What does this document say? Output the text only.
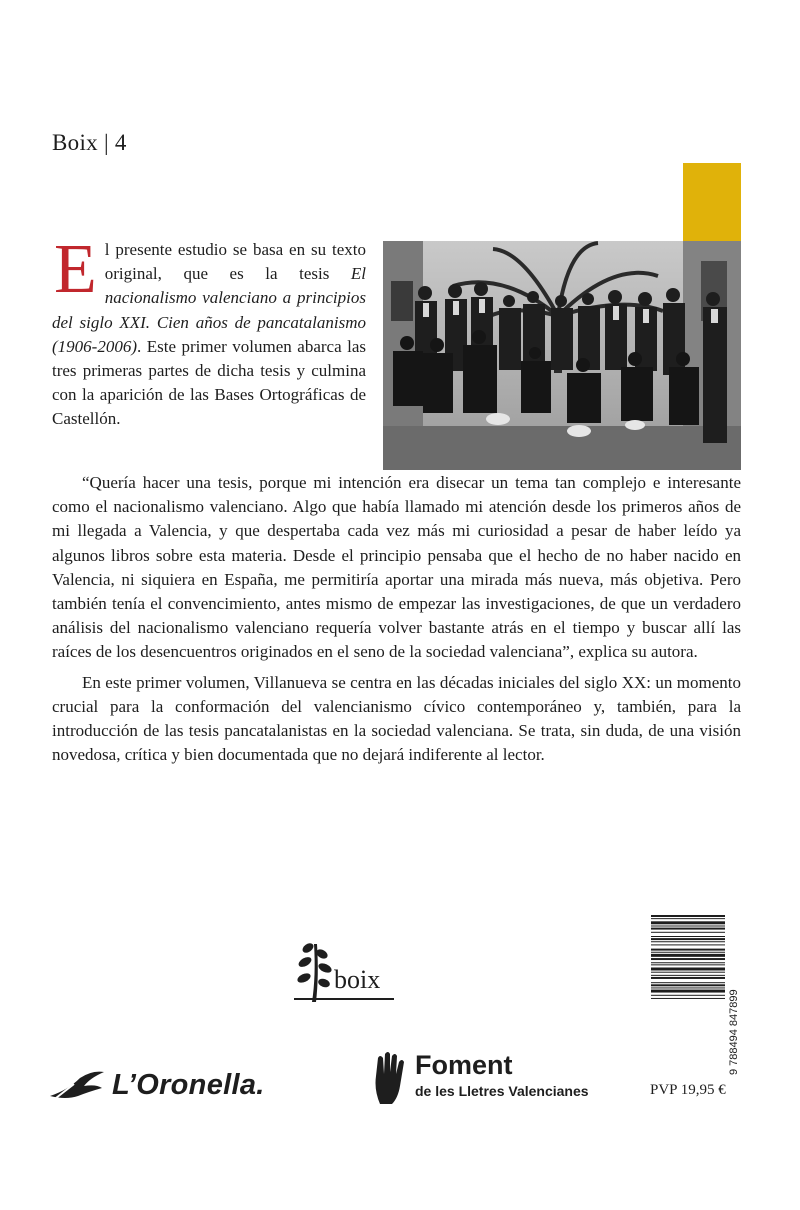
Boix | 4
E l presente estudio se basa en su texto original, que es la tesis El nacionalismo valenciano a principios del siglo XXI. Cien años de pancatalanismo (1906-2006). Este primer volumen abarca las tres primeras partes de dicha tesis y culmina con la aparición de las Bases Ortográficas de Castellón.

“Quería hacer una tesis, porque mi intención era disecar un tema tan complejo e interesante como el nacionalismo valenciano. Algo que había llamado mi atención desde los primeros años de mi llegada a Valencia, y que despertaba cada vez más mi curiosidad a pesar de haber leído ya algunos libros sobre esta materia. Desde el principio pensaba que el hecho de no haber nacido en Valencia, ni siquiera en España, me permitiría aportar una mirada más nueva, más objetiva. Pero también tenía el convencimiento, antes mismo de empezar las investigaciones, de que un verdadero análisis del nacionalismo valenciano requería volver bastante atrás en el tiempo y buscar allí las raíces de los desencuentros originados en el seno de la sociedad valenciana”, explica su autora.

En este primer volumen, Villanueva se centra en las décadas iniciales del siglo XX: un momento crucial para la conformación del valencianismo cívico contemporáneo y, también, para la introducción de las tesis pancatalanistas en la sociedad valenciana. Se trata, sin duda, de una visión novedosa, crítica y bien documentada que no dejará indiferente al lector.

boix
L’Oronella.
Foment
de les Lletres Valencianes
9 788494 847899
PVP 19,95 €
